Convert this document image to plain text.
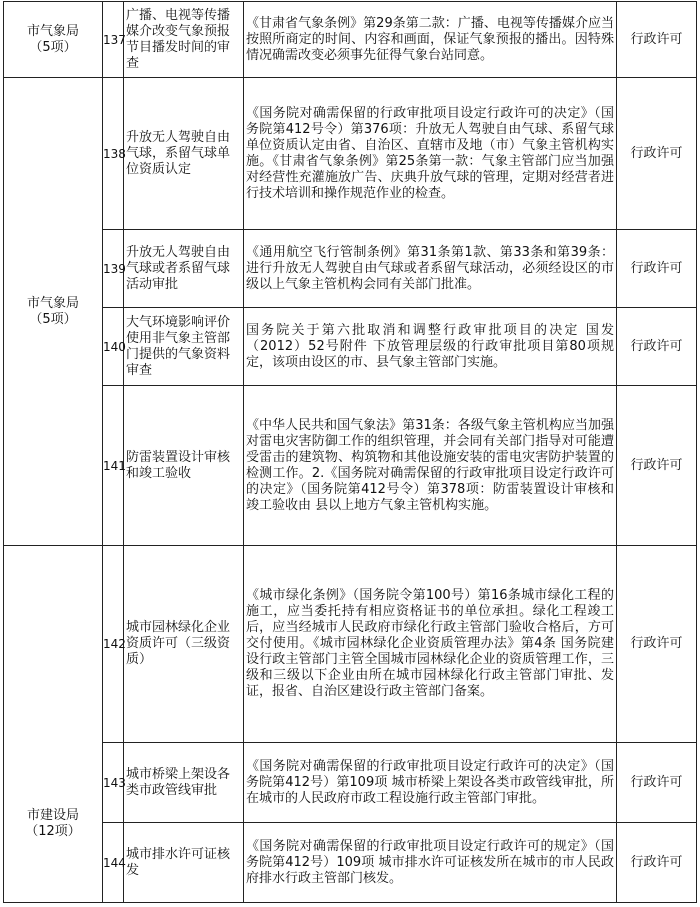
市气象局
（5项）	137	广播、电视等传播媒介改变气象预报节目播发时间的审查	《甘肃省气象条例》第29条第二款：广播、电视等传播媒介应当按照所商定的时间、内容和画面，保证气象预报的播出。因特殊情况确需改变必须事先征得气象台站同意。	行政许可

市气象局
（5项）	138	升放无人驾驶自由气球，系留气球单位资质认定	《国务院对确需保留的行政审批项目设定行政许可的决定》（国务院第412号令）第376项：升放无人驾驶自由气球、系留气球单位资质认定由省、自治区、直辖市及地（市）气象主管机构实施。《甘肃省气象条例》第25条第一款：气象主管部门应当加强对经营性充灌施放广告、庆典升放气球的管理，定期对经营者进行技术培训和操作规范作业的检查。	行政许可
	139	升放无人驾驶自由气球或者系留气球活动审批	《通用航空飞行管制条例》第31条第1款、第33条和第39条：进行升放无人驾驶自由气球或者系留气球活动，必须经设区的市级以上气象主管机构会同有关部门批准。	行政许可
	140	大气环境影响评价使用非气象主管部门提供的气象资料审查	国务院关于第六批取消和调整行政审批项目的决定 国发（2012）52号附件 下放管理层级的行政审批项目第80项规定，该项由设区的市、县气象主管部门实施。	行政许可
	141	防雷装置设计审核和竣工验收	《中华人民共和国气象法》第31条：各级气象主管机构应当加强对雷电灾害防御工作的组织管理，并会同有关部门指导对可能遭受雷击的建筑物、构筑物和其他设施安装的雷电灾害防护装置的检测工作。2.《国务院对确需保留的行政审批项目设定行政许可的决定》（国务院第412号令）第378项：防雷装置设计审核和竣工验收由 县以上地方气象主管机构实施。	行政许可

市建设局
（12项）	142	城市园林绿化企业资质许可（三级资质）	《城市绿化条例》（国务院令第100号）第16条城市绿化工程的施工，应当委托持有相应资格证书的单位承担。绿化工程竣工后，应当经城市人民政府市绿化行政主管部门验收合格后，方可交付使用。《城市园林绿化企业资质管理办法》第4条 国务院建设行政主管部门主管全国城市园林绿化企业的资质管理工作，三级和三级以下企业由所在城市园林绿化行政主管部门审批、发证，报省、自治区建设行政主管部门备案。	行政许可
	143	城市桥梁上架设各类市政管线审批	《国务院对确需保留的行政审批项目设定行政许可的决定》（国务院第412号）第109项 城市桥梁上架设各类市政管线审批，所在城市的人民政府市政工程设施行政主管部门审批。	行政许可
	144	城市排水许可证核发	《国务院对确需保留的行政审批项目设定行政许可的规定》（国务院第412号）109项 城市排水许可证核发所在城市的市人民政府排水行政主管部门核发。	行政许可
